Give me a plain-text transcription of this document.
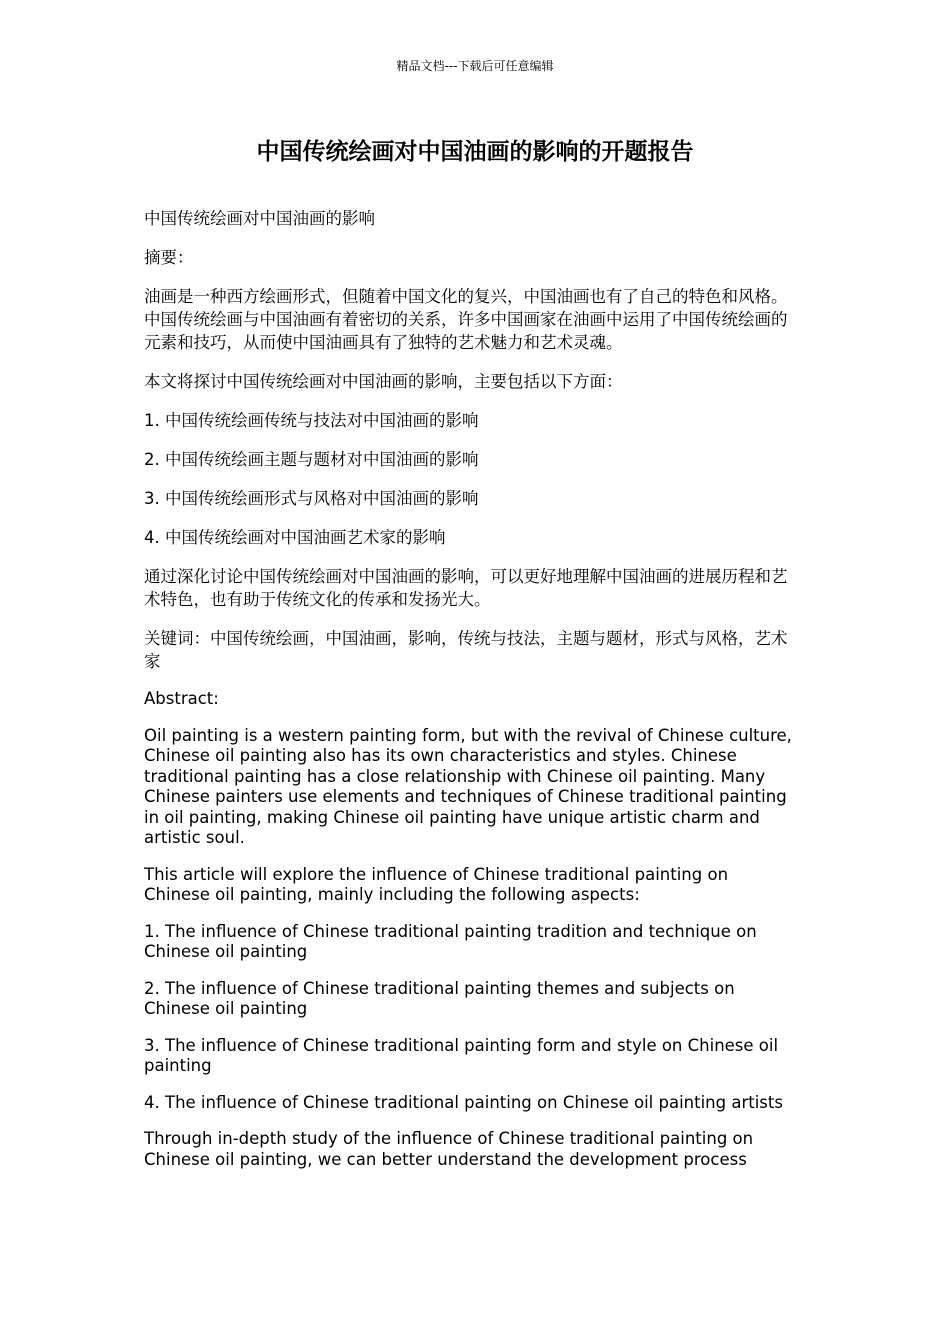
精品文档---下载后可任意编辑
中国传统绘画对中国油画的影响的开题报告

中国传统绘画对中国油画的影响

摘要：

油画是一种西方绘画形式，但随着中国文化的复兴，中国油画也有了自己的特色和风格。中国传统绘画与中国油画有着密切的关系，许多中国画家在油画中运用了中国传统绘画的元素和技巧，从而使中国油画具有了独特的艺术魅力和艺术灵魂。

本文将探讨中国传统绘画对中国油画的影响，主要包括以下方面：

1. 中国传统绘画传统与技法对中国油画的影响

2. 中国传统绘画主题与题材对中国油画的影响

3. 中国传统绘画形式与风格对中国油画的影响

4. 中国传统绘画对中国油画艺术家的影响

通过深化讨论中国传统绘画对中国油画的影响，可以更好地理解中国油画的进展历程和艺术特色，也有助于传统文化的传承和发扬光大。

关键词：中国传统绘画，中国油画，影响，传统与技法，主题与题材，形式与风格，艺术家

Abstract:

Oil painting is a western painting form, but with the revival of Chinese culture, Chinese oil painting also has its own characteristics and styles. Chinese traditional painting has a close relationship with Chinese oil painting. Many Chinese painters use elements and techniques of Chinese traditional painting in oil painting, making Chinese oil painting have unique artistic charm and artistic soul.

This article will explore the influence of Chinese traditional painting on Chinese oil painting, mainly including the following aspects:

1. The influence of Chinese traditional painting tradition and technique on Chinese oil painting

2. The influence of Chinese traditional painting themes and subjects on Chinese oil painting

3. The influence of Chinese traditional painting form and style on Chinese oil painting

4. The influence of Chinese traditional painting on Chinese oil painting artists

Through in-depth study of the influence of Chinese traditional painting on Chinese oil painting, we can better understand the development process
